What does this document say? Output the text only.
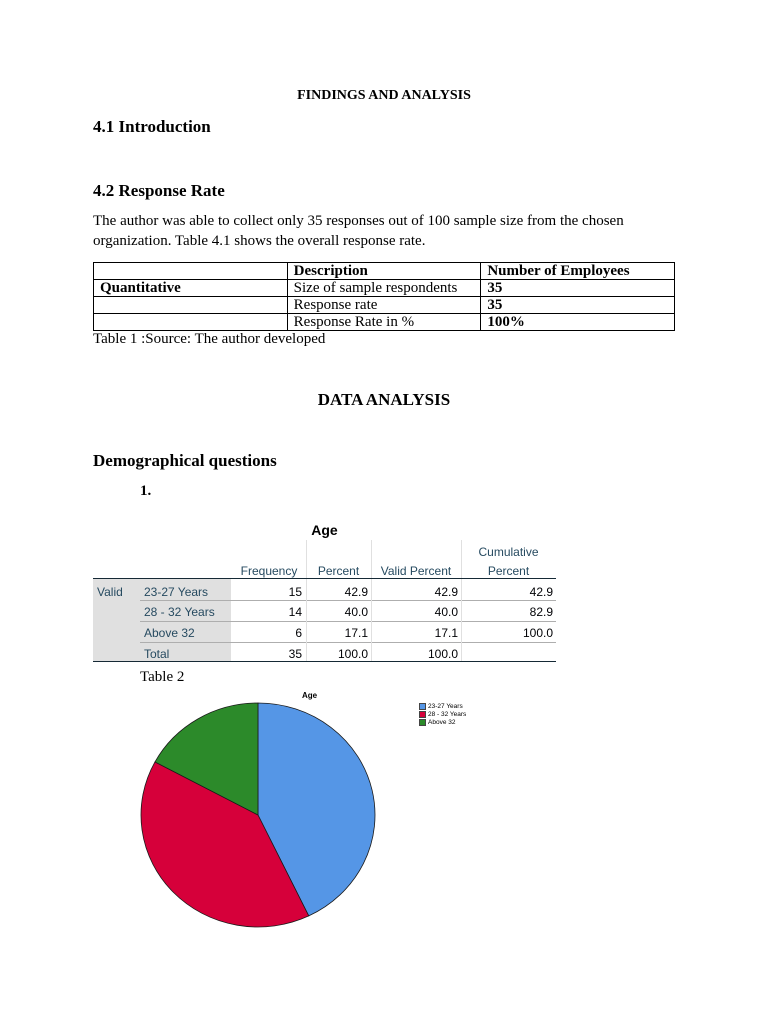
FINDINGS AND ANALYSIS
4.1 Introduction
4.2 Response Rate
The author was able to collect only 35 responses out of 100 sample size from the chosen
organization. Table 4.1 shows the overall response rate.
	Description	Number of Employees
Quantitative	Size of sample respondents	35
	Response rate	35
	Response Rate in %	100%
Table 1 :Source: The author developed
DATA ANALYSIS
Demographical questions
1.
Age
Frequency	Percent	Valid Percent
Cumulative
Percent
Valid 23-27 Years	15	42.9	42.9	42.9
28 - 32 Years	14	40.0	40.0	82.9
Above 32	6	17.1	17.1	100.0
Total	35	100.0	100.0
Table 2
Age
23-27 Years
28 - 32 Years
Above 32
